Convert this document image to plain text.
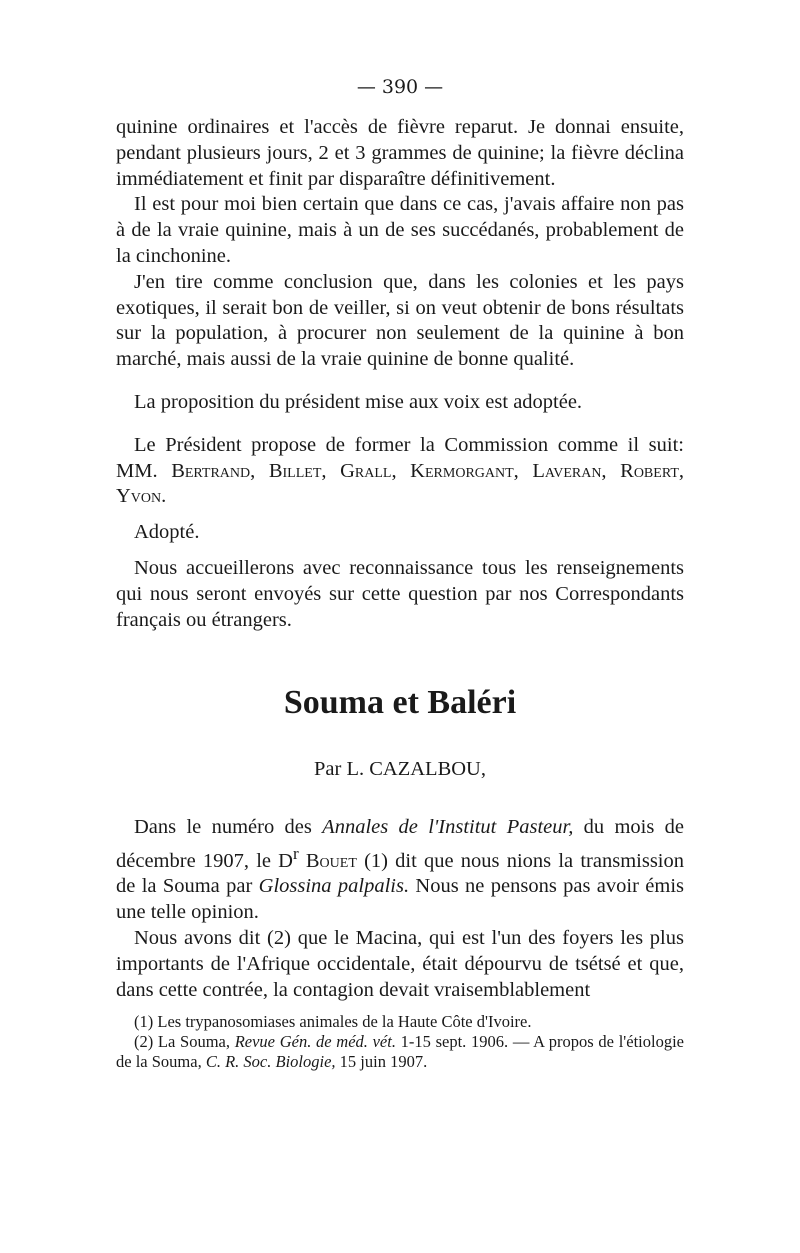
— 390 —

quinine ordinaires et l'accès de fièvre reparut. Je donnai ensuite, pendant plusieurs jours, 2 et 3 grammes de quinine; la fièvre déclina immédiatement et finit par disparaître définitivement.

Il est pour moi bien certain que dans ce cas, j'avais affaire non pas à de la vraie quinine, mais à un de ses succédanés, probablement de la cinchonine.

J'en tire comme conclusion que, dans les colonies et les pays exotiques, il serait bon de veiller, si on veut obtenir de bons résultats sur la population, à procurer non seulement de la quinine à bon marché, mais aussi de la vraie quinine de bonne qualité.

La proposition du président mise aux voix est adoptée.

Le Président propose de former la Commission comme il suit: MM. Bertrand, Billet, Grall, Kermorgant, Laveran, Robert, Yvon.

Adopté.

Nous accueillerons avec reconnaissance tous les renseignements qui nous seront envoyés sur cette question par nos Correspondants français ou étrangers.

Souma et Baléri
Par L. CAZALBOU,

Dans le numéro des Annales de l'Institut Pasteur, du mois de décembre 1907, le $D^r$ Bouet (1) dit que nous nions la transmission de la Souma par Glossina palpalis. Nous ne pensons pas avoir émis une telle opinion.

Nous avons dit (2) que le Macina, qui est l'un des foyers les plus importants de l'Afrique occidentale, était dépourvu de tsétsé et que, dans cette contrée, la contagion devait vraisemblablement

(1) Les trypanosomiases animales de la Haute Côte d'Ivoire.

(2) La Souma, Revue Gén. de méd. vét. 1-15 sept. 1906. — A propos de l'étiologie de la Souma, C. R. Soc. Biologie, 15 juin 1907.
